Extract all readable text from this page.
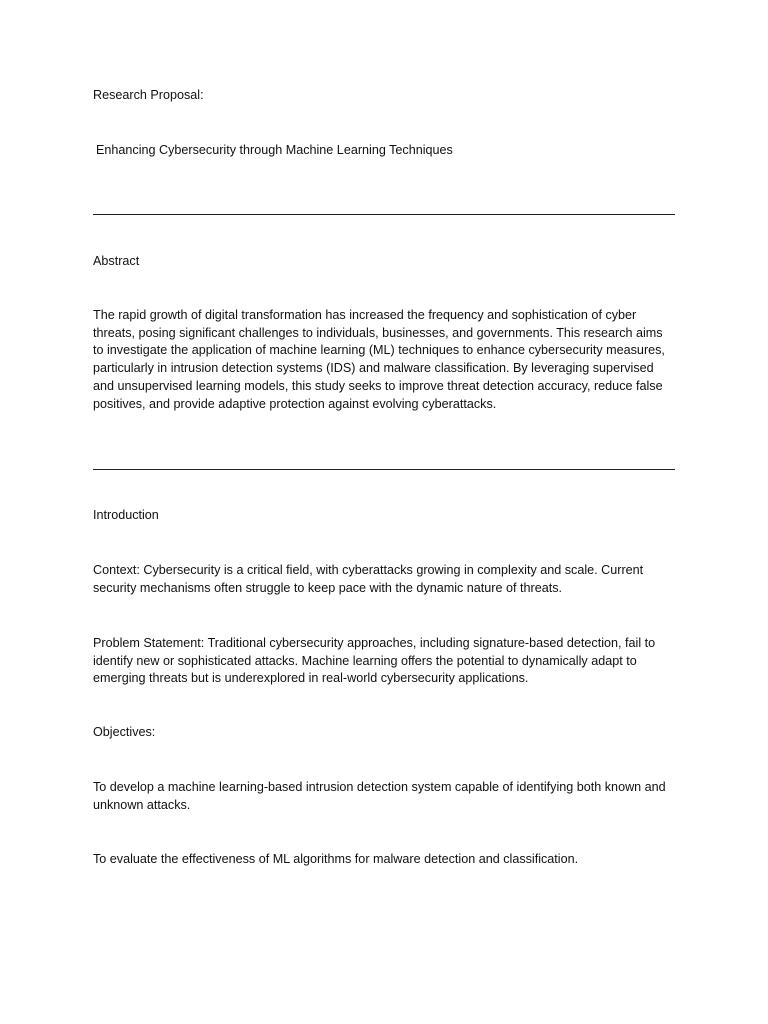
Research Proposal:

Enhancing Cybersecurity through Machine Learning Techniques

Abstract

The rapid growth of digital transformation has increased the frequency and sophistication of cyber threats, posing significant challenges to individuals, businesses, and governments. This research aims to investigate the application of machine learning (ML) techniques to enhance cybersecurity measures, particularly in intrusion detection systems (IDS) and malware classification. By leveraging supervised and unsupervised learning models, this study seeks to improve threat detection accuracy, reduce false positives, and provide adaptive protection against evolving cyberattacks.

Introduction

Context: Cybersecurity is a critical field, with cyberattacks growing in complexity and scale. Current security mechanisms often struggle to keep pace with the dynamic nature of threats.

Problem Statement: Traditional cybersecurity approaches, including signature-based detection, fail to identify new or sophisticated attacks. Machine learning offers the potential to dynamically adapt to emerging threats but is underexplored in real-world cybersecurity applications.

Objectives:

To develop a machine learning-based intrusion detection system capable of identifying both known and unknown attacks.

To evaluate the effectiveness of ML algorithms for malware detection and classification.
